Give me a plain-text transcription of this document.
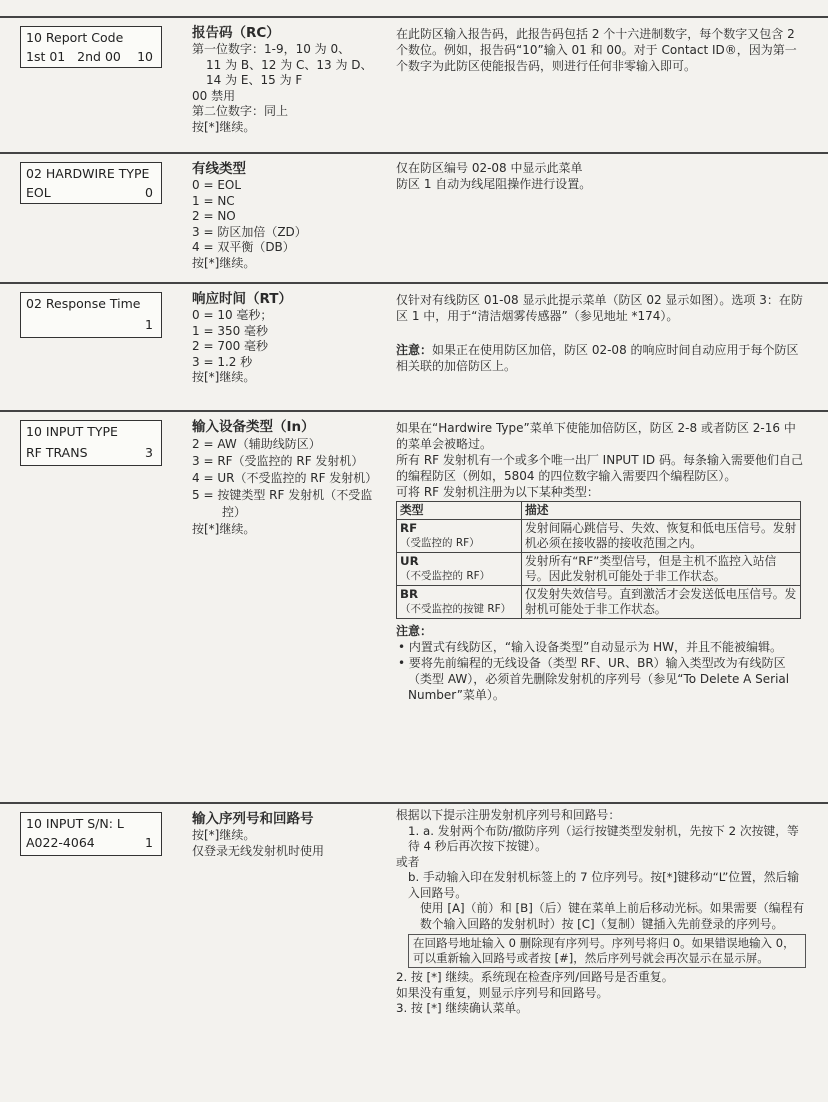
10 Report Code
1st 01   2nd 00	10
报告码（RC）
第一位数字：1-9，10 为 0、
11 为 B、12 为 C、13 为 D、
14 为 E、15 为 F
00 禁用
第二位数字：同上
按[*]继续。

在此防区输入报告码，此报告码包括 2 个十六进制数字，每个数字又包含 2 个数位。例如，报告码“10”输入 01 和 00。对于 Contact ID®，因为第一个数字为此防区使能报告码，则进行任何非零输入即可。

02 HARDWIRE TYPE
EOL	0
有线类型
0 = EOL
1 = NC
2 = NO
3 = 防区加倍（ZD）
4 = 双平衡（DB）
按[*]继续。

仅在防区编号 02-08 中显示此菜单

防区 1 自动为线尾阻操作进行设置。

02 Response Time
1
响应时间（RT）
0 = 10 毫秒；
1 = 350 毫秒
2 = 700 毫秒
3 = 1.2 秒
按[*]继续。

仅针对有线防区 01-08 显示此提示菜单（防区 02 显示如图）。选项 3：在防区 1 中，用于“清洁烟雾传感器”（参见地址 *174）。

注意：如果正在使用防区加倍，防区 02-08 的响应时间自动应用于每个防区相关联的加倍防区上。

10 INPUT TYPE
RF TRANS	3
输入设备类型（In）
2 = AW（辅助线防区）
3 = RF（受监控的 RF 发射机）
4 = UR（不受监控的 RF 发射机）
5 = 按键类型 RF 发射机（不受监控）
按[*]继续。

如果在“Hardwire Type”菜单下使能加倍防区，防区 2-8 或者防区 2-16 中的菜单会被略过。

所有 RF 发射机有一个或多个唯一出厂 INPUT ID 码。每条输入需要他们自己的编程防区（例如，5804 的四位数字输入需要四个编程防区）。

可将 RF 发射机注册为以下某种类型：

类型	描述

RF
（受监控的 RF）	发射间隔心跳信号、失效、恢复和低电压信号。发射机必须在接收器的接收范围之内。

UR
（不受监控的 RF）	发射所有“RF”类型信号，但是主机不监控入站信号。因此发射机可能处于非工作状态。

BR
（不受监控的按键 RF）	仅发射失效信号。直到激活才会发送低电压信号。发射机可能处于非工作状态。

注意：

• 内置式有线防区，“输入设备类型”自动显示为 HW，并且不能被编辑。

• 要将先前编程的无线设备（类型 RF、UR、BR）输入类型改为有线防区（类型 AW），必须首先删除发射机的序列号（参见“To Delete A Serial Number”菜单）。

10 INPUT S/N: L
A022-4064	1
输入序列号和回路号
按[*]继续。
仅登录无线发射机时使用

根据以下提示注册发射机序列号和回路号：

1. a. 发射两个布防/撤防序列（运行按键类型发射机，先按下 2 次按键，等待 4 秒后再次按下按键）。

或者

b. 手动输入印在发射机标签上的 7 位序列号。按[*]键移动“L”位置，然后输入回路号。

使用 [A]（前）和 [B]（后）键在菜单上前后移动光标。如果需要（编程有数个输入回路的发射机时）按 [C]（复制）键插入先前登录的序列号。

在回路号地址输入 0 删除现有序列号。序列号将归 0。如果错误地输入 0，可以重新输入回路号或者按 [#]，然后序列号就会再次显示在显示屏。

2. 按 [*] 继续。系统现在检查序列/回路号是否重复。

如果没有重复，则显示序列号和回路号。

3. 按 [*] 继续确认菜单。
